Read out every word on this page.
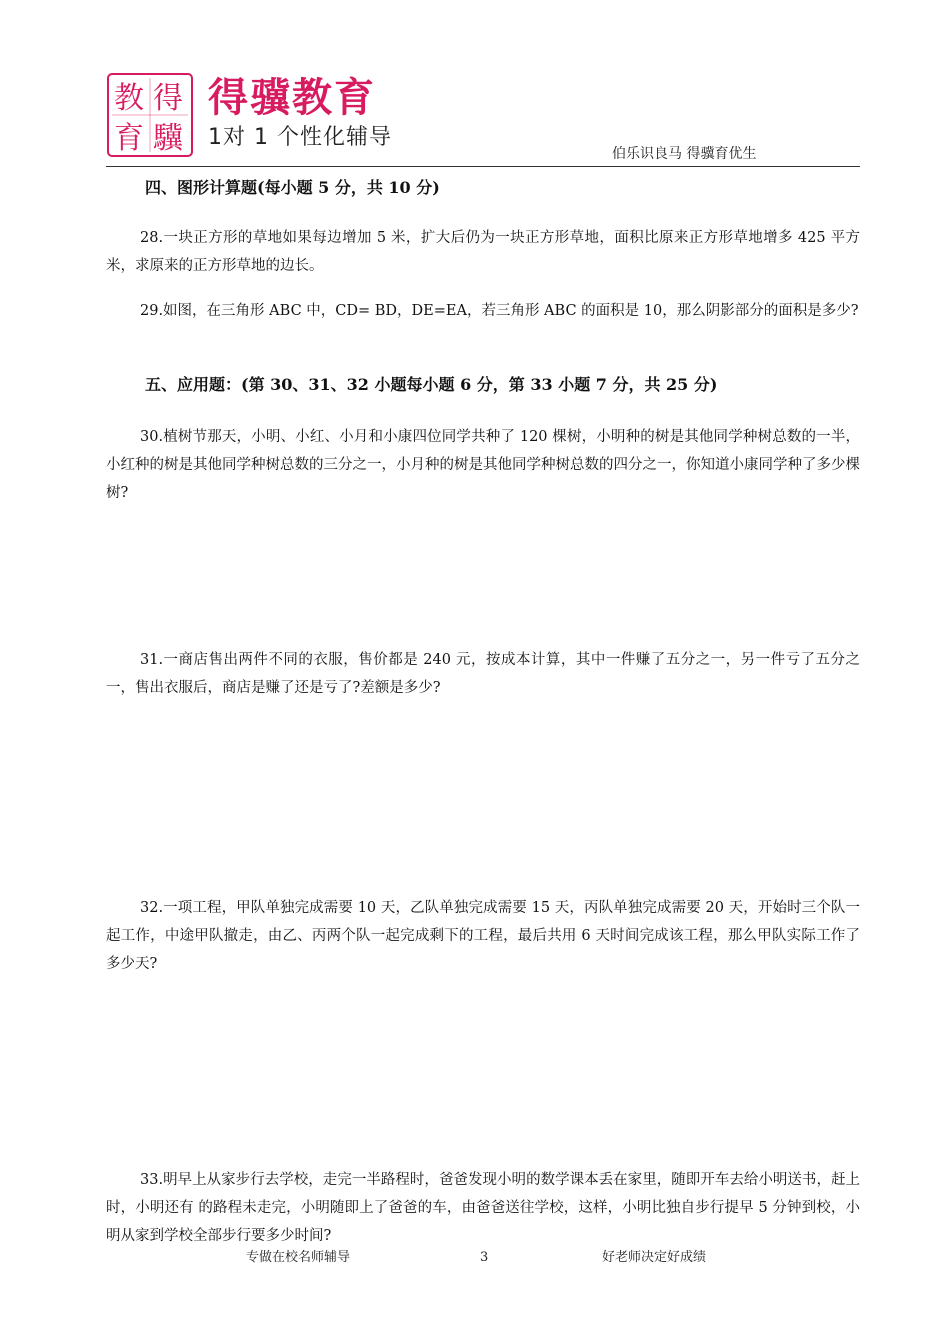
教 得
育 驥
得骥教育
1对 1 个性化辅导
伯乐识良马 得骥育优生
四、图形计算题(每小题 5 分，共 10 分)
28.一块正方形的草地如果每边增加 5 米，扩大后仍为一块正方形草地，面积比原来正方形草地增多 425 平方米，求原来的正方形草地的边长。
29.如图，在三角形 ABC 中，CD= BD，DE=EA，若三角形 ABC 的面积是 10，那么阴影部分的面积是多少?
五、应用题：(第 30、31、32 小题每小题 6 分，第 33 小题 7 分，共 25 分)
30.植树节那天，小明、小红、小月和小康四位同学共种了 120 棵树，小明种的树是其他同学种树总数的一半，小红种的树是其他同学种树总数的三分之一，小月种的树是其他同学种树总数的四分之一，你知道小康同学种了多少棵树?
31.一商店售出两件不同的衣服，售价都是 240 元，按成本计算，其中一件赚了五分之一，另一件亏了五分之一，售出衣服后，商店是赚了还是亏了?差额是多少?
32.一项工程，甲队单独完成需要 10 天，乙队单独完成需要 15 天，丙队单独完成需要 20 天，开始时三个队一起工作，中途甲队撤走，由乙、丙两个队一起完成剩下的工程，最后共用 6 天时间完成该工程，那么甲队实际工作了多少天?
33.明早上从家步行去学校，走完一半路程时，爸爸发现小明的数学课本丢在家里，随即开车去给小明送书，赶上时，小明还有 的路程未走完，小明随即上了爸爸的车，由爸爸送往学校，这样，小明比独自步行提早 5 分钟到校，小明从家到学校全部步行要多少时间?
专做在校名师辅导	3	好老师决定好成绩
